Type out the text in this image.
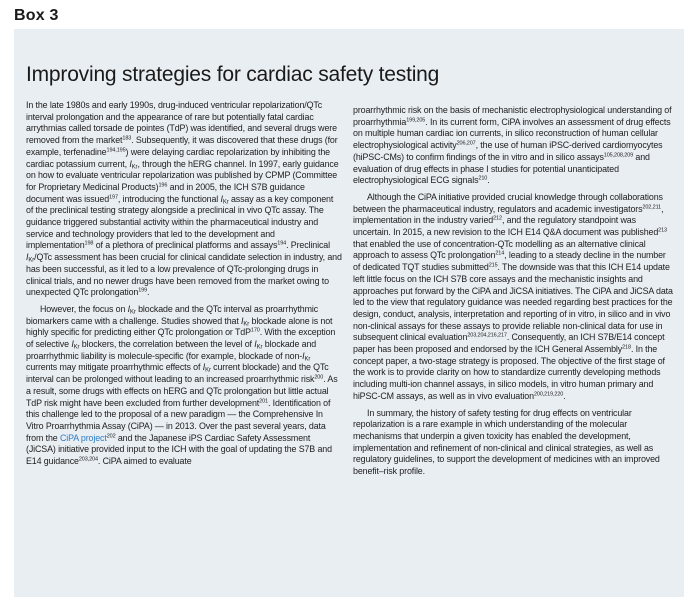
Box 3
Improving strategies for cardiac safety testing

In the late 1980s and early 1990s, drug-induced ventricular repolarization/QTc interval prolongation and the appearance of rare but potentially fatal cardiac arrythmias called torsade de pointes (TdP) was identified, and several drugs were removed from the market$^{183}$. Subsequently, it was discovered that these drugs (for example, terfenadine$^{194,195}$) were delaying cardiac repolarization by inhibiting the cardiac potassium current, $I_{Kr}$, through the hERG channel. In 1997, early guidance on how to evaluate ventricular repolarization was published by CPMP (Committee for Proprietary Medicinal Products)$^{196}$ and in 2005, the ICH S7B guidance document was issued$^{197}$, introducing the functional $I_{Kr}$ assay as a key component of the preclinical testing strategy alongside a preclinical in vivo QTc assay. The guidance triggered substantial activity within the pharmaceutical industry and service and technology providers that led to the development and implementation$^{198}$ of a plethora of preclinical platforms and assays$^{194}$. Preclinical $I_{Kr}$/QTc assessment has been crucial for clinical candidate selection in industry, and has been successful, as it led to a low prevalence of QTc-prolonging drugs in clinical trials, and no newer drugs have been removed from the market owing to unexpected QTc prolongation$^{199}$.

However, the focus on $I_{Kr}$ blockade and the QTc interval as proarrhythmic biomarkers came with a challenge. Studies showed that $I_{Kr}$ blockade alone is not highly specific for predicting either QTc prolongation or TdP$^{170}$. With the exception of selective $I_{Kr}$ blockers, the correlation between the level of $I_{Kr}$ blockade and proarrhythmic liability is molecule-specific (for example, blockade of non-$I_{Kr}$ currents may mitigate proarrhythmic effects of $I_{Kr}$ current blockade) and the QTc interval can be prolonged without leading to an increased proarrhythmic risk$^{200}$. As a result, some drugs with effects on hERG and QTc prolongation but little actual TdP risk might have been excluded from further development$^{201}$. Identification of this challenge led to the proposal of a new paradigm — the Comprehensive In Vitro Proarrhythmia Assay (CiPA) — in 2013. Over the past several years, data from the CiPA project$^{202}$ and the Japanese iPS Cardiac Safety Assessment (JiCSA) initiative provided input to the ICH with the goal of updating the S7B and E14 guidance$^{203,204}$. CiPA aimed to evaluate

proarrhythmic risk on the basis of mechanistic electrophysiological understanding of proarrhythmia$^{199,205}$. In its current form, CiPA involves an assessment of drug effects on multiple human cardiac ion currents, in silico reconstruction of human cellular electrophysiological activity$^{206,207}$, the use of human iPSC-derived cardiomyocytes (hiPSC-CMs) to confirm findings of the in vitro and in silico assays$^{105,208,209}$ and evaluation of drug effects in phase I studies for potential unanticipated electrophysiological ECG signals$^{210}$.

Although the CiPA initiative provided crucial knowledge through collaborations between the pharmaceutical industry, regulators and academic investigators$^{202,211}$, implementation in the industry varied$^{212}$, and the regulatory standpoint was uncertain. In 2015, a new revision to the ICH E14 Q&A document was published$^{213}$ that enabled the use of concentration-QTc modelling as an alternative clinical approach to assess QTc prolongation$^{214}$, leading to a steady decline in the number of dedicated TQT studies submitted$^{215}$. The downside was that this ICH E14 update left little focus on the ICH S7B core assays and the mechanistic insights and approaches put forward by the CiPA and JiCSA initiatives. The CiPA and JiCSA data led to the view that regulatory guidance was needed regarding best practices for the design, conduct, analysis, interpretation and reporting of in vitro, in silico and in vivo non-clinical assays for these assays to provide reliable non-clinical data for use in subsequent clinical evaluation$^{203,204,216,217}$. Consequently, an ICH S7B/E14 concept paper has been proposed and endorsed by the ICH General Assembly$^{218}$. In the concept paper, a two-stage strategy is proposed. The objective of the first stage of the work is to provide clarity on how to standardize currently developing methods including multi-ion channel assays, in silico models, in vitro human primary and hiPSC-CM assays, as well as in vivo evaluation$^{200,219,220}$.

In summary, the history of safety testing for drug effects on ventricular repolarization is a rare example in which understanding of the molecular mechanisms that underpin a given toxicity has enabled the development, implementation and refinement of non-clinical and clinical strategies, as well as regulatory guidelines, to support the development of medicines with an improved benefit–risk profile.
